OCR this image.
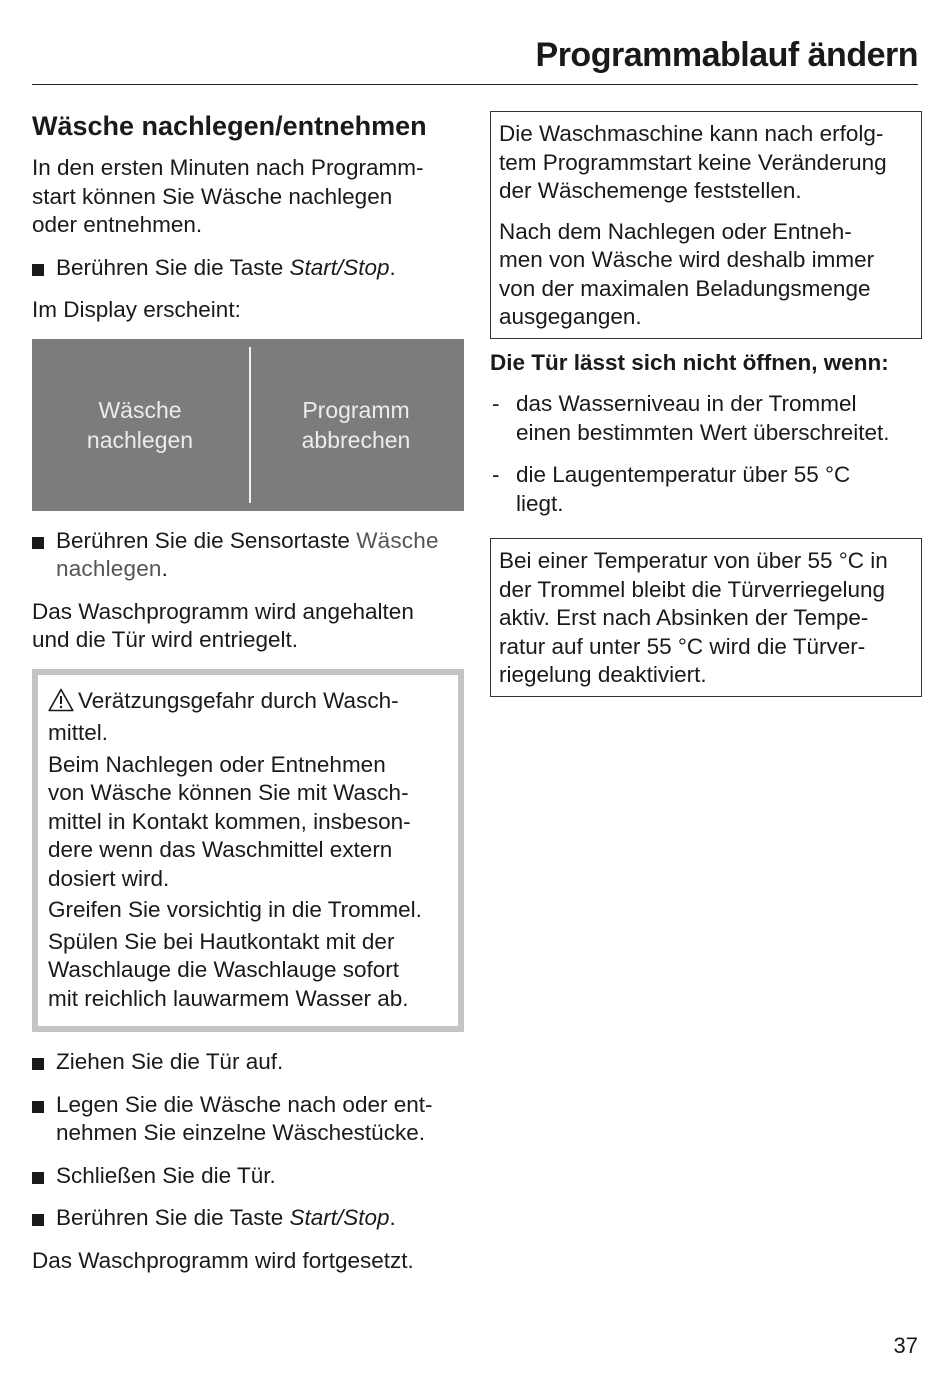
Programmablauf ändern
Wäsche nachlegen/entnehmen

In den ersten Minuten nach Programm-
start können Sie Wäsche nachlegen
oder entnehmen.

Berühren Sie die Taste Start/Stop.

Im Display erscheint:

Wäsche
nachlegen
Programm
abbrechen

Berühren Sie die Sensortaste Wäsche
nachlegen.

Das Waschprogramm wird angehalten
und die Tür wird entriegelt.

Verätzungsgefahr durch Wasch-
mittel.

Beim Nachlegen oder Entnehmen
von Wäsche können Sie mit Wasch-
mittel in Kontakt kommen, insbeson-
dere wenn das Waschmittel extern
dosiert wird.

Greifen Sie vorsichtig in die Trommel.

Spülen Sie bei Hautkontakt mit der
Waschlauge die Waschlauge sofort
mit reichlich lauwarmem Wasser ab.

Ziehen Sie die Tür auf.

Legen Sie die Wäsche nach oder ent-
nehmen Sie einzelne Wäschestücke.

Schließen Sie die Tür.

Berühren Sie die Taste Start/Stop.

Das Waschprogramm wird fortgesetzt.

Die Waschmaschine kann nach erfolg-
tem Programmstart keine Veränderung
der Wäschemenge feststellen.

Nach dem Nachlegen oder Entneh-
men von Wäsche wird deshalb immer
von der maximalen Beladungsmenge
ausgegangen.

Die Tür lässt sich nicht öffnen, wenn:

- das Wasserniveau in der Trommel
einen bestimmten Wert überschreitet.

- die Laugentemperatur über 55 °C
liegt.

Bei einer Temperatur von über 55 °C in
der Trommel bleibt die Türverriegelung
aktiv. Erst nach Absinken der Tempe-
ratur auf unter 55 °C wird die Türver-
riegelung deaktiviert.

37
